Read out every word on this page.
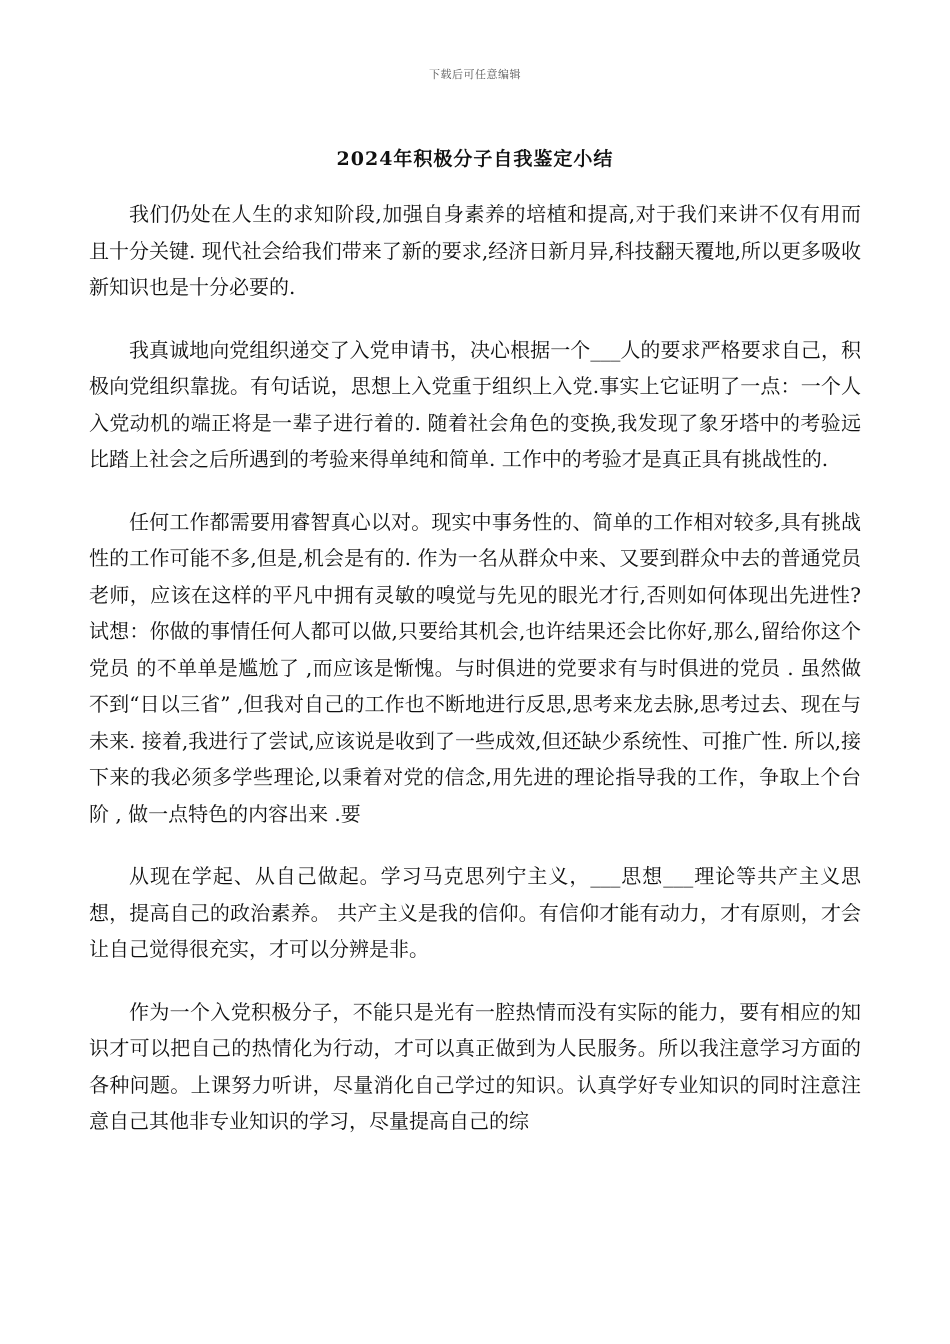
下载后可任意编辑
2024年积极分子自我鉴定小结

我们仍处在人生的求知阶段,加强自身素养的培植和提高,对于我们来讲不仅有用而且十分关键. 现代社会给我们带来了新的要求,经济日新月异,科技翻天覆地,所以更多吸收新知识也是十分必要的.

我真诚地向党组织递交了入党申请书，决心根据一个___人的要求严格要求自己，积极向党组织靠拢。有句话说，思想上入党重于组织上入党.事实上它证明了一点：一个人入党动机的端正将是一辈子进行着的. 随着社会角色的变换,我发现了象牙塔中的考验远比踏上社会之后所遇到的考验来得单纯和简单. 工作中的考验才是真正具有挑战性的.

任何工作都需要用睿智真心以对。现实中事务性的、简单的工作相对较多,具有挑战性的工作可能不多,但是,机会是有的. 作为一名从群众中来、又要到群众中去的普通党员老师，应该在这样的平凡中拥有灵敏的嗅觉与先见的眼光才行,否则如何体现出先进性? 试想：你做的事情任何人都可以做,只要给其机会,也许结果还会比你好,那么,留给你这个党员 的不单单是尴尬了 ,而应该是惭愧。与时俱进的党要求有与时俱进的党员 . 虽然做不到“日以三省” ,但我对自己的工作也不断地进行反思,思考来龙去脉,思考过去、现在与未来. 接着,我进行了尝试,应该说是收到了一些成效,但还缺少系统性、可推广性. 所以,接下来的我必须多学些理论,以秉着对党的信念,用先进的理论指导我的工作，争取上个台阶 , 做一点特色的内容出来 .要

从现在学起、从自己做起。学习马克思列宁主义，___思想___理论等共产主义思想，提高自己的政治素养。 共产主义是我的信仰。有信仰才能有动力，才有原则，才会让自己觉得很充实，才可以分辨是非。

作为一个入党积极分子，不能只是光有一腔热情而没有实际的能力，要有相应的知识才可以把自己的热情化为行动，才可以真正做到为人民服务。所以我注意学习方面的各种问题。上课努力听讲，尽量消化自己学过的知识。认真学好专业知识的同时注意注意自己其他非专业知识的学习，尽量提高自己的综
